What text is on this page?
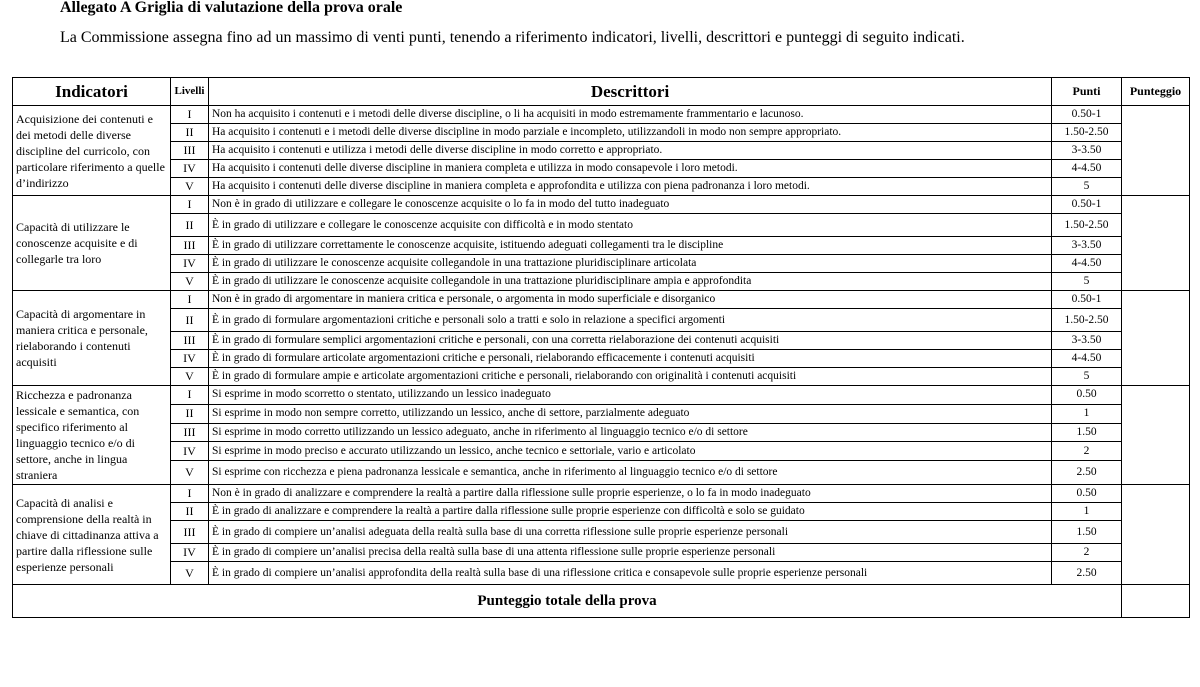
Allegato A Griglia di valutazione della prova orale
La Commissione assegna fino ad un massimo di venti punti, tenendo a riferimento indicatori, livelli, descrittori e punteggi di seguito indicati.
Indicatori	Livelli	Descrittori	Punti	Punteggio
Acquisizione dei contenuti e dei metodi delle diverse discipline del curricolo, con particolare riferimento a quelle d’indirizzo	I	Non ha acquisito i contenuti e i metodi delle diverse discipline, o li ha acquisiti in modo estremamente frammentario e lacunoso.	0.50-1	
	II	Ha acquisito i contenuti e i metodi delle diverse discipline in modo parziale e incompleto, utilizzandoli in modo non sempre appropriato.	1.50-2.50	
	III	Ha acquisito i contenuti e utilizza i metodi delle diverse discipline in modo corretto e appropriato.	3-3.50	
	IV	Ha acquisito i contenuti delle diverse discipline in maniera completa e utilizza in modo consapevole i loro metodi.	4-4.50	
	V	Ha acquisito i contenuti delle diverse discipline in maniera completa e approfondita e utilizza con piena padronanza i loro metodi.	5	
Capacità di utilizzare le conoscenze acquisite e di collegarle tra loro	I	Non è in grado di utilizzare e collegare le conoscenze acquisite o lo fa in modo del tutto inadeguato	0.50-1	
	II	È in grado di utilizzare e collegare le conoscenze acquisite con difficoltà e in modo stentato	1.50-2.50	
	III	È in grado di utilizzare correttamente le conoscenze acquisite, istituendo adeguati collegamenti tra le discipline	3-3.50	
	IV	È in grado di utilizzare le conoscenze acquisite collegandole in una trattazione pluridisciplinare articolata	4-4.50	
	V	È in grado di utilizzare le conoscenze acquisite collegandole in una trattazione pluridisciplinare ampia e approfondita	5	
Capacità di argomentare in maniera critica e personale, rielaborando i contenuti acquisiti	I	Non è in grado di argomentare in maniera critica e personale, o argomenta in modo superficiale e disorganico	0.50-1	
	II	È in grado di formulare argomentazioni critiche e personali solo a tratti e solo in relazione a specifici argomenti	1.50-2.50	
	III	È in grado di formulare semplici argomentazioni critiche e personali, con una corretta rielaborazione dei contenuti acquisiti	3-3.50	
	IV	È in grado di formulare articolate argomentazioni critiche e personali, rielaborando efficacemente i contenuti acquisiti	4-4.50	
	V	È in grado di formulare ampie e articolate argomentazioni critiche e personali, rielaborando con originalità i contenuti acquisiti	5	
Ricchezza e padronanza lessicale e semantica, con specifico riferimento al linguaggio tecnico e/o di settore, anche in lingua straniera	I	Si esprime in modo scorretto o stentato, utilizzando un lessico inadeguato	0.50	
	II	Si esprime in modo non sempre corretto, utilizzando un lessico, anche di settore, parzialmente adeguato	1	
	III	Si esprime in modo corretto utilizzando un lessico adeguato, anche in riferimento al linguaggio tecnico e/o di settore	1.50	
	IV	Si esprime in modo preciso e accurato utilizzando un lessico, anche tecnico e settoriale, vario e articolato	2	
	V	Si esprime con ricchezza e piena padronanza lessicale e semantica, anche in riferimento al linguaggio tecnico e/o di settore	2.50	
Capacità di analisi e comprensione della realtà in chiave di cittadinanza attiva a partire dalla riflessione sulle esperienze personali	I	Non è in grado di analizzare e comprendere la realtà a partire dalla riflessione sulle proprie esperienze, o lo fa in modo inadeguato	0.50	
	II	È in grado di analizzare e comprendere la realtà a partire dalla riflessione sulle proprie esperienze con difficoltà e solo se guidato	1	
	III	È in grado di compiere un’analisi adeguata della realtà sulla base di una corretta riflessione sulle proprie esperienze personali	1.50	
	IV	È in grado di compiere un’analisi precisa della realtà sulla base di una attenta riflessione sulle proprie esperienze personali	2	
	V	È in grado di compiere un’analisi approfondita della realtà sulla base di una riflessione critica e consapevole sulle proprie esperienze personali	2.50	
Punteggio totale della prova				
